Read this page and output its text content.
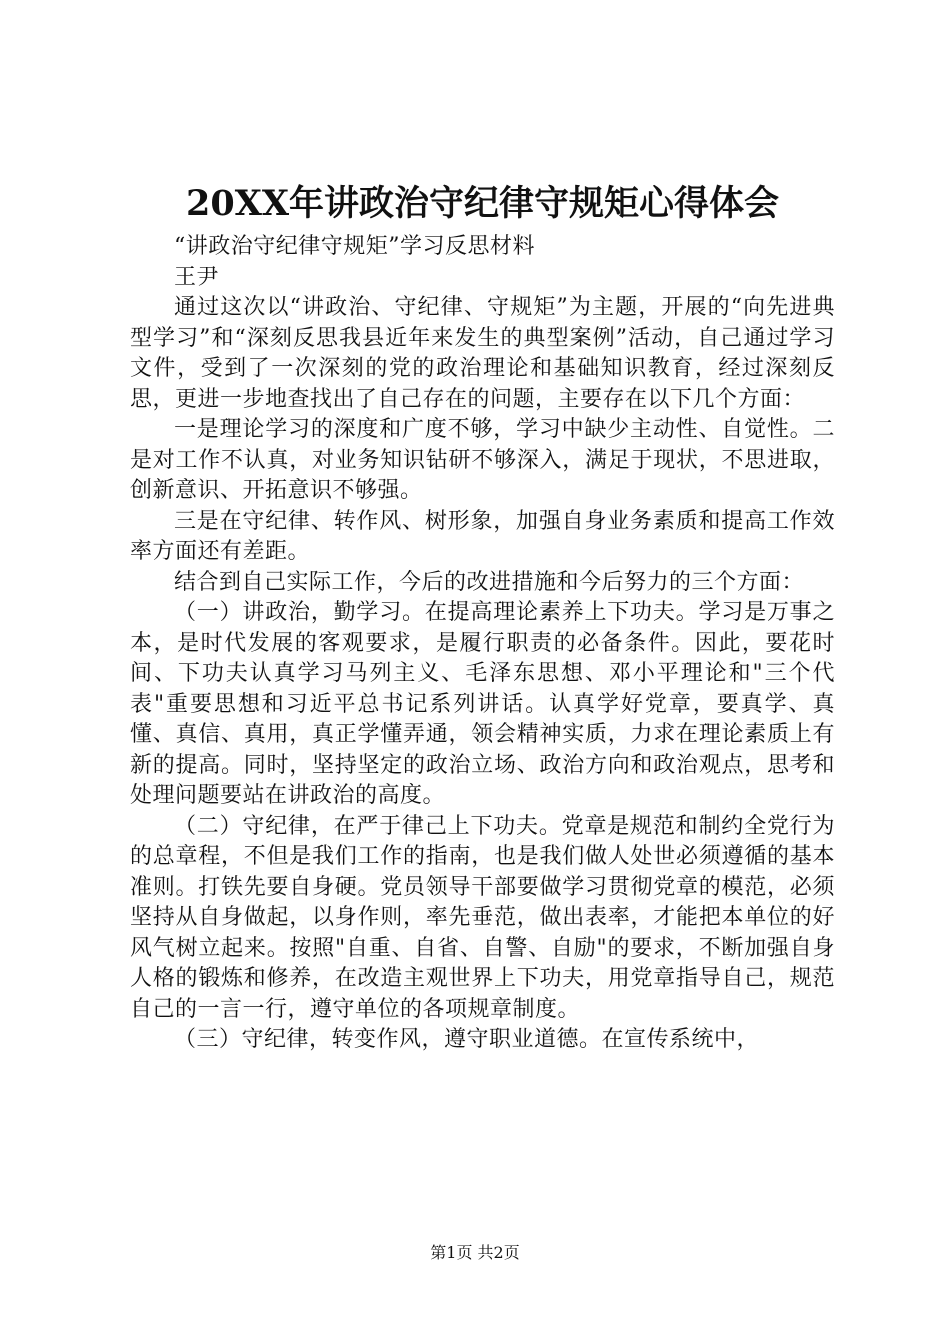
20XX年讲政治守纪律守规矩心得体会

“讲政治守纪律守规矩”学习反思材料

王尹

通过这次以“讲政治、守纪律、守规矩”为主题，开展的“向先进典型学习”和“深刻反思我县近年来发生的典型案例”活动，自己通过学习文件，受到了一次深刻的党的政治理论和基础知识教育，经过深刻反思，更进一步地查找出了自己存在的问题，主要存在以下几个方面：

一是理论学习的深度和广度不够，学习中缺少主动性、自觉性。二是对工作不认真，对业务知识钻研不够深入，满足于现状，不思进取，创新意识、开拓意识不够强。

三是在守纪律、转作风、树形象，加强自身业务素质和提高工作效率方面还有差距。

结合到自己实际工作，今后的改进措施和今后努力的三个方面：

（一）讲政治，勤学习。在提高理论素养上下功夫。学习是万事之本，是时代发展的客观要求，是履行职责的必备条件。因此，要花时间、下功夫认真学习马列主义、毛泽东思想、邓小平理论和"三个代表"重要思想和习近平总书记系列讲话。认真学好党章，要真学、真懂、真信、真用，真正学懂弄通，领会精神实质，力求在理论素质上有新的提高。同时，坚持坚定的政治立场、政治方向和政治观点，思考和处理问题要站在讲政治的高度。

（二）守纪律，在严于律己上下功夫。党章是规范和制约全党行为的总章程，不但是我们工作的指南，也是我们做人处世必须遵循的基本准则。打铁先要自身硬。党员领导干部要做学习贯彻党章的模范，必须坚持从自身做起，以身作则，率先垂范，做出表率，才能把本单位的好风气树立起来。按照"自重、自省、自警、自励"的要求，不断加强自身人格的锻炼和修养，在改造主观世界上下功夫，用党章指导自己，规范自己的一言一行，遵守单位的各项规章制度。

（三）守纪律，转变作风，遵守职业道德。在宣传系统中，

第1页 共2页
